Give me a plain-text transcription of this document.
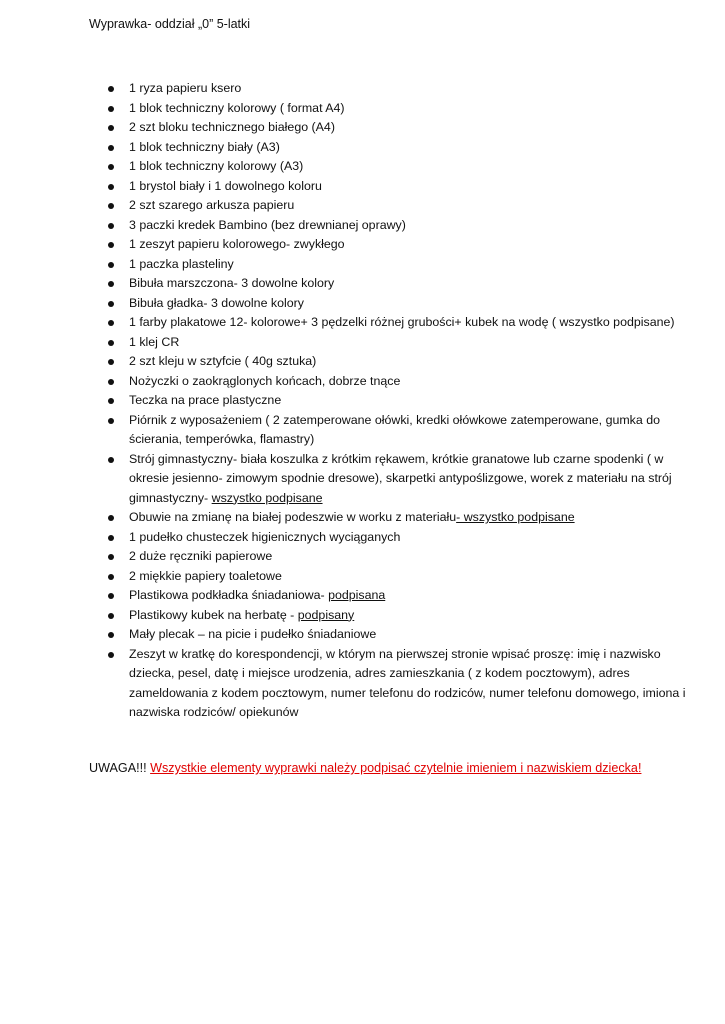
Wyprawka- oddział „0” 5-latki
1 ryza papieru ksero
1 blok techniczny kolorowy ( format A4)
2 szt bloku technicznego białego (A4)
1 blok techniczny biały (A3)
1 blok techniczny kolorowy (A3)
1 brystol biały i 1 dowolnego koloru
2 szt szarego arkusza papieru
3 paczki kredek Bambino (bez drewnianej oprawy)
1 zeszyt papieru kolorowego- zwykłego
1 paczka plasteliny
Bibuła marszczona- 3 dowolne kolory
Bibuła gładka- 3 dowolne kolory
1 farby plakatowe 12- kolorowe+ 3 pędzelki różnej grubości+ kubek na wodę ( wszystko podpisane)
1 klej CR
2 szt kleju w sztyfcie ( 40g sztuka)
Nożyczki o zaokrąglonych końcach, dobrze tnące
Teczka na prace plastyczne
Piórnik z wyposażeniem ( 2 zatemperowane ołówki, kredki ołówkowe zatemperowane, gumka do ścierania, temperówka, flamastry)
Strój gimnastyczny- biała koszulka z krótkim rękawem, krótkie granatowe lub czarne spodenki ( w okresie jesienno- zimowym spodnie dresowe), skarpetki antypoślizgowe, worek z materiału na strój gimnastyczny- wszystko podpisane
Obuwie na zmianę na białej podeszwie w worku z materiału- wszystko podpisane
1 pudełko chusteczek higienicznych wyciąganych
2 duże ręczniki papierowe
2 miękkie papiery toaletowe
Plastikowa podkładka śniadaniowa- podpisana
Plastikowy kubek na herbatę - podpisany
Mały plecak – na picie i pudełko śniadaniowe
Zeszyt w kratkę do korespondencji, w którym na pierwszej stronie wpisać proszę: imię i nazwisko dziecka, pesel, datę i miejsce urodzenia, adres zamieszkania ( z kodem pocztowym), adres zameldowania z kodem pocztowym, numer telefonu do rodziców, numer telefonu domowego, imiona i nazwiska rodziców/ opiekunów
UWAGA!!! Wszystkie elementy wyprawki należy podpisać czytelnie imieniem i nazwiskiem dziecka!
